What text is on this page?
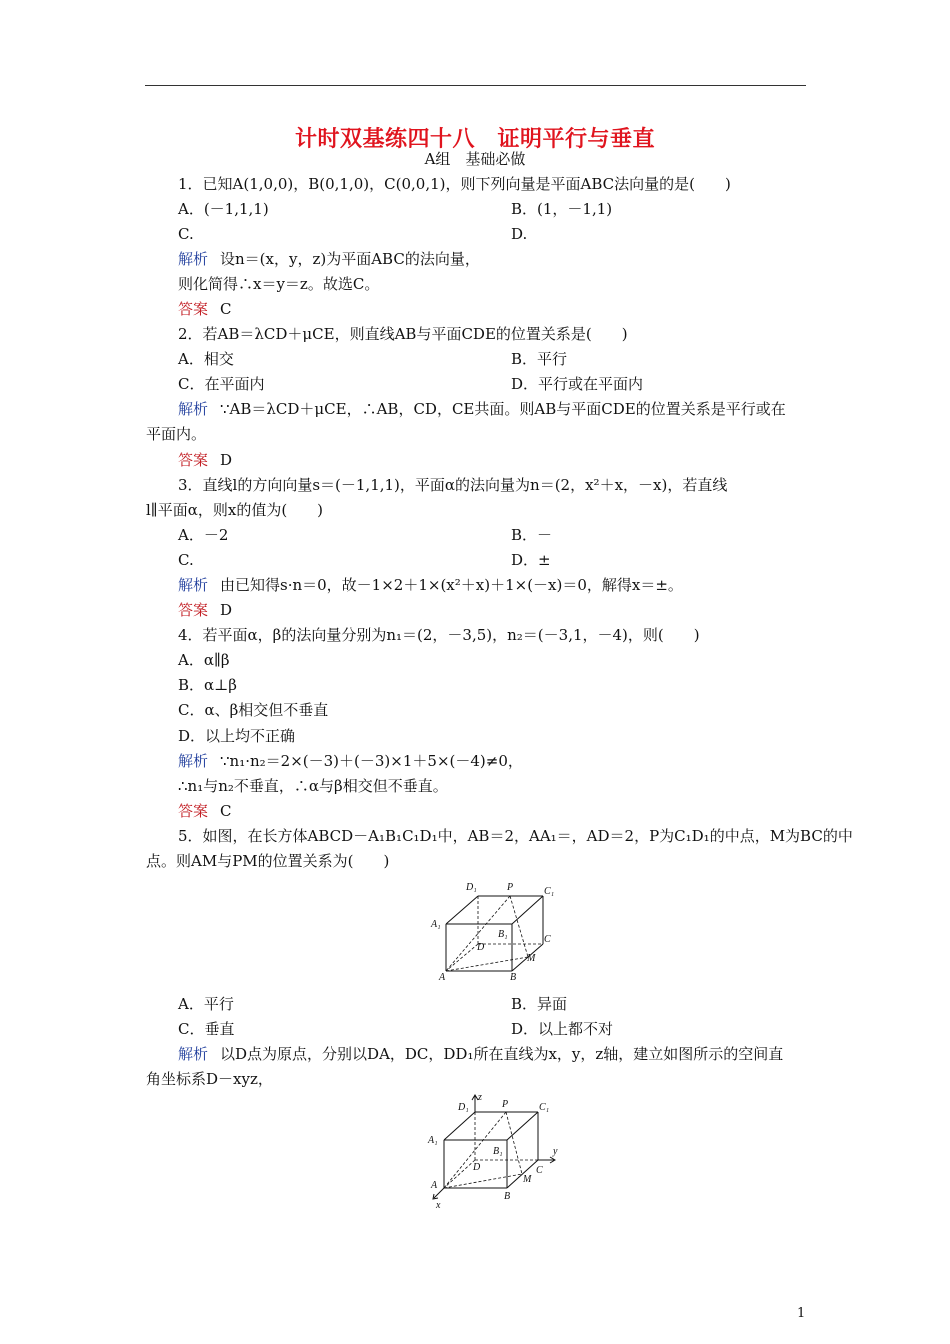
计时双基练四十八　证明平行与垂直
A组　基础必做
1．已知A(1,0,0)，B(0,1,0)，C(0,0,1)，则下列向量是平面ABC法向量的是(　　)
A．(－1,1,1)	B．(1，－1,1)
C.	D.
解析 设n＝(x，y，z)为平面ABC的法向量，
则化简得∴x＝y＝z。故选C。
答案 C
2．若AB＝λCD＋μCE，则直线AB与平面CDE的位置关系是(　　)
A．相交	B．平行
C．在平面内	D．平行或在平面内
解析 ∵AB＝λCD＋μCE，∴AB，CD，CE共面。则AB与平面CDE的位置关系是平行或在
平面内。
答案 D
3．直线l的方向向量s＝(－1,1,1)，平面α的法向量为n＝(2，x²＋x，－x)，若直线
l∥平面α，则x的值为(　　)
A．－2	B．－
C.	D．±
解析 由已知得s·n＝0，故－1×2＋1×(x²＋x)＋1×(－x)＝0，解得x＝±。
答案 D
4．若平面α，β的法向量分别为n₁＝(2，－3,5)，n₂＝(－3,1，－4)，则(　　)
A．α∥β
B．α⊥β
C．α、β相交但不垂直
D．以上均不正确
解析 ∵n₁·n₂＝2×(－3)＋(－3)×1＋5×(－4)≠0，
∴n₁与n₂不垂直，∴α与β相交但不垂直。
答案 C
5．如图，在长方体ABCD－A₁B₁C₁D₁中，AB＝2，AA₁＝，AD＝2，P为C₁D₁的中点，M为BC的中
点。则AM与PM的位置关系为(　　)
D₁	P	C₁
A₁
B₁
D
C
M
A	B
A．平行	B．异面
C．垂直	D．以上都不对
解析 以D点为原点，分别以DA，DC，DD₁所在直线为x，y，z轴，建立如图所示的空间直
角坐标系D－xyz，
z
D₁	P	C₁
A₁
B₁
D	C
y
M
A
B
x
1
